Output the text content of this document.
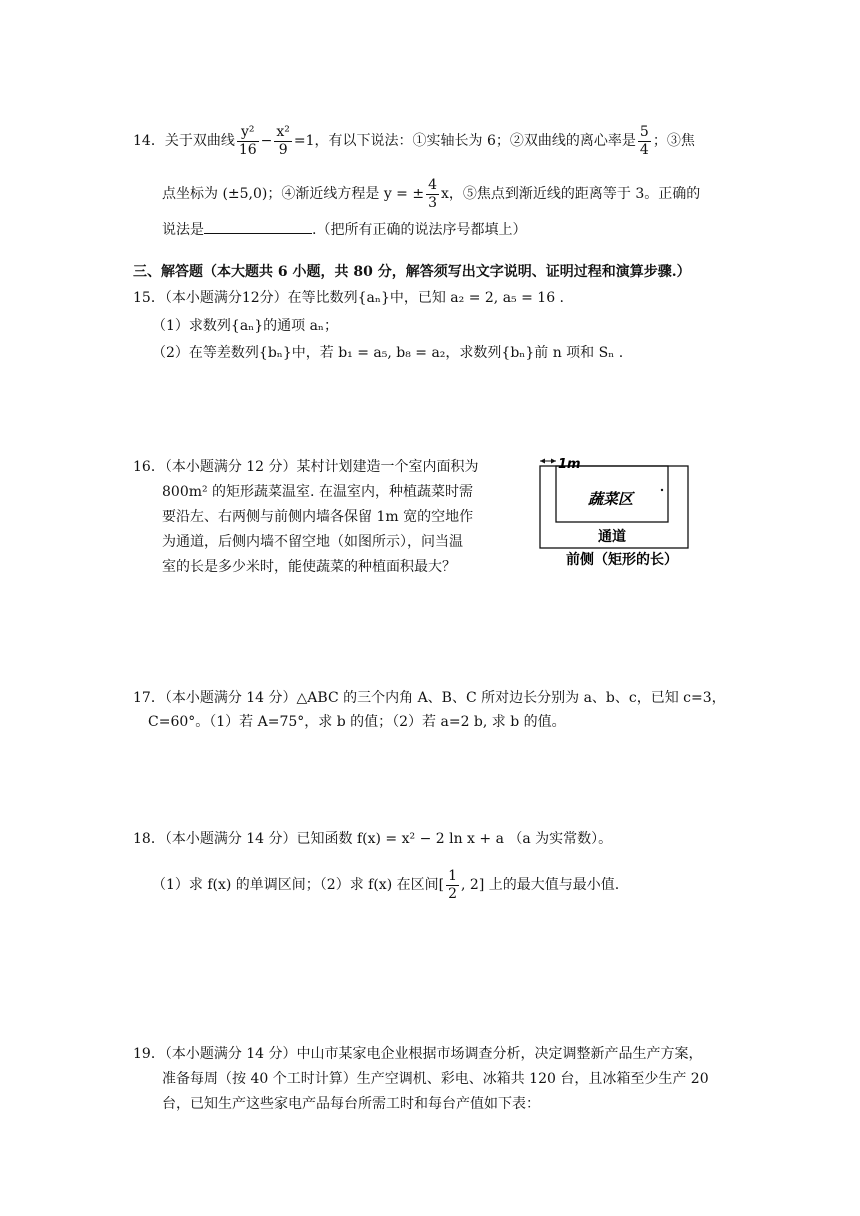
14．关于双曲线 $\frac{\text{y²}}{16} - \frac{\text{x²}}{9} =1$，有以下说法：①实轴长为 6；②双曲线的离心率是 $\frac{5}{4}$ ；③焦
点坐标为 (±5,0)；④渐近线方程是 y = ± $\frac{4}{3}$ x，⑤焦点到渐近线的距离等于 3。正确的
说法是	.（把所有正确的说法序号都填上）
三、解答题（本大题共 6 小题，共 80 分，解答须写出文字说明、证明过程和演算步骤.）
15．（本小题满分12分）在等比数列{aₙ}中，已知 a₂ = 2, a₅ = 16 .
（1）求数列{aₙ}的通项 aₙ；
（2）在等差数列{bₙ}中，若 b₁ = a₅, b₈ = a₂，求数列{bₙ}前 n 项和 Sₙ .
16．（本小题满分 12 分）某村计划建造一个室内面积为
800m² 的矩形蔬菜温室. 在温室内，种植蔬菜时需
要沿左、右两侧与前侧内墙各保留 1m 宽的空地作
为通道，后侧内墙不留空地（如图所示），问当温
室的长是多少米时，能使蔬菜的种植面积最大？
1m
蔬菜区
通道
前侧（矩形的长）
17．（本小题满分 14 分）△ABC 的三个内角 A、B、C 所对边长分别为 a、b、c，已知 c=3，
C=60°。（1）若 A=75°，求 b 的值；（2）若 a=2 b, 求 b 的值。
18．（本小题满分 14 分）已知函数 f(x) = x² − 2 ln x + a （a 为实常数）。
（1）求 f(x) 的单调区间；（2）求 f(x) 在区间[ $\frac{1}{2}$ , 2] 上的最大值与最小值.
19．（本小题满分 14 分）中山市某家电企业根据市场调查分析，决定调整新产品生产方案，
准备每周（按 40 个工时计算）生产空调机、彩电、冰箱共 120 台，且冰箱至少生产 20
台，已知生产这些家电产品每台所需工时和每台产值如下表：
